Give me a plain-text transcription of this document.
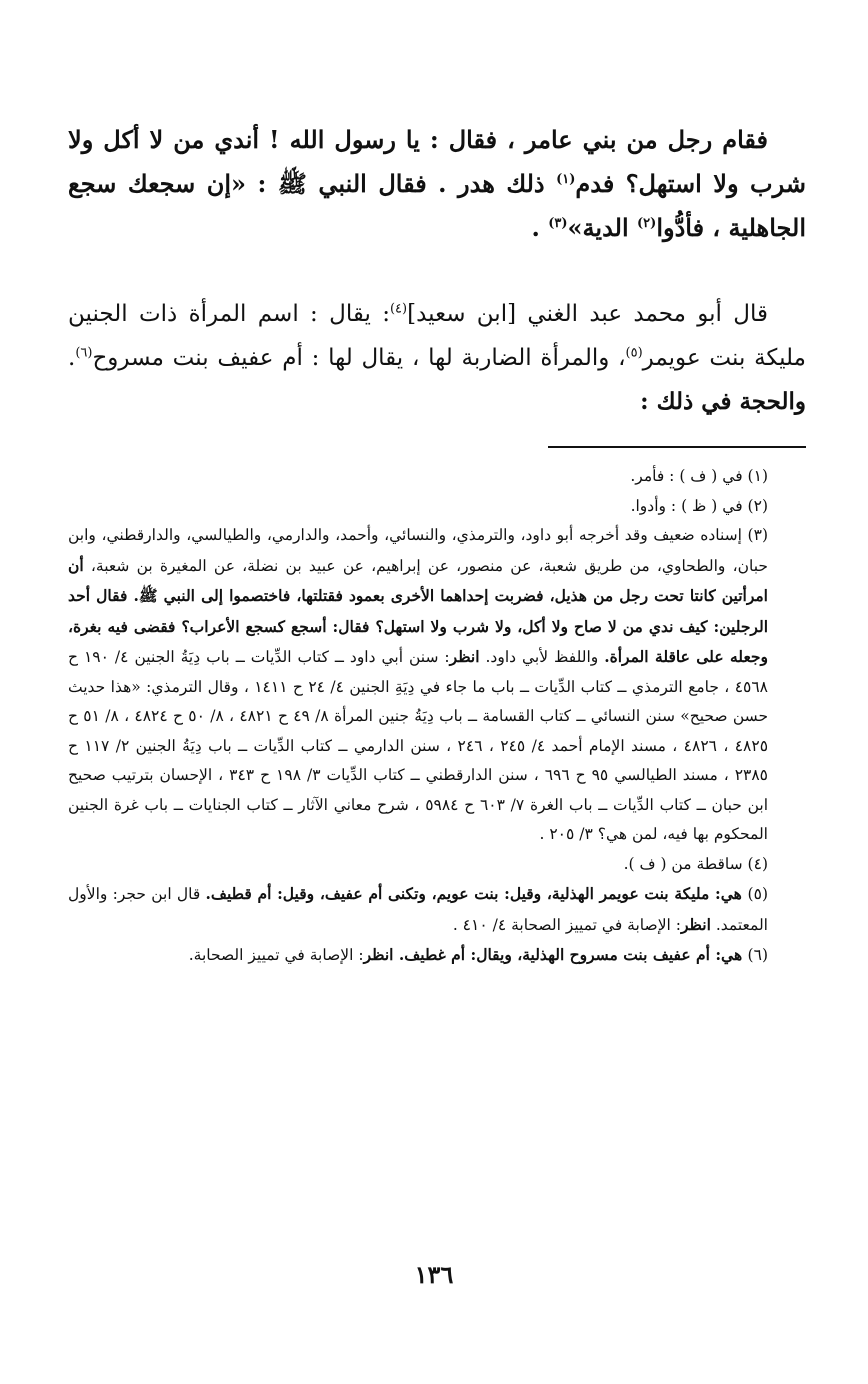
فقام رجل من بني عامر ، فقال : يا رسول الله ! أندي من لا أكل ولا شرب ولا استهل؟ فدم$^{(١)}$ ذلك هدر . فقال النبي ﷺ : «إن سجعك سجع الجاهلية ، فأدُّوا$^{(٢)}$ الدية»$^{(٣)}$ .

قال أبو محمد عبد الغني [ابن سعيد]$^{(٤)}$: يقال : اسم المرأة ذات الجنين مليكة بنت عويمر$^{(٥)}$، والمرأة الضاربة لها ، يقال لها : أم عفيف بنت مسروح$^{(٦)}$. والحجة في ذلك :

(١) في ( ف ) : فأمر.

(٢) في ( ظ ) : وأدوا.

(٣) إسناده ضعيف وقد أخرجه أبو داود، والترمذي، والنسائي، وأحمد، والدارمي، والطيالسي، والدارقطني، وابن حبان، والطحاوي، من طريق شعبة، عن منصور، عن إبراهيم، عن عبيد بن نضلة، عن المغيرة بن شعبة، أن امرأتين كانتا تحت رجل من هذيل، فضربت إحداهما الأخرى بعمود فقتلتها، فاختصموا إلى النبي ﷺ. فقال أحد الرجلين: كيف ندي من لا صاح ولا أكل، ولا شرب ولا استهل؟ فقال: أسجع كسجع الأعراب؟ فقضى فيه بغرة، وجعله على عاقلة المرأة. واللفظ لأبي داود. انظر: سنن أبي داود ــ كتاب الدِّيات ــ باب دِيَةُ الجنين ٤/ ١٩٠ ح ٤٥٦٨ ، جامع الترمذي ــ كتاب الدِّيات ــ باب ما جاء في دِيَةِ الجنين ٤/ ٢٤ ح ١٤١١ ، وقال الترمذي: «هذا حديث حسن صحيح» سنن النسائي ــ كتاب القسامة ــ باب دِيَةُ جنين المرأة ٨/ ٤٩ ح ٤٨٢١ ، ٨/ ٥٠ ح ٤٨٢٤ ، ٨/ ٥١ ح ٤٨٢٥ ، ٤٨٢٦ ، مسند الإمام أحمد ٤/ ٢٤٥ ، ٢٤٦ ، سنن الدارمي ــ كتاب الدِّيات ــ باب دِيَةُ الجنين ٢/ ١١٧ ح ٢٣٨٥ ، مسند الطيالسي ٩٥ ح ٦٩٦ ، سنن الدارقطني ــ كتاب الدِّيات ٣/ ١٩٨ ح ٣٤٣ ، الإحسان بترتيب صحيح ابن حبان ــ كتاب الدِّيات ــ باب الغرة ٧/ ٦٠٣ ح ٥٩٨٤ ، شرح معاني الآثار ــ كتاب الجنايات ــ باب غرة الجنين المحكوم بها فيه، لمن هي؟ ٣/ ٢٠٥ .

(٤) ساقطة من ( ف ).

(٥) هي: مليكة بنت عويمر الهذلية، وقيل: بنت عويم، وتكنى أم عفيف، وقيل: أم قطيف. قال ابن حجر: والأول المعتمد. انظر: الإصابة في تمييز الصحابة ٤/ ٤١٠ .

(٦) هي: أم عفيف بنت مسروح الهذلية، ويقال: أم غطيف. انظر: الإصابة في تمييز الصحابة.

١٣٦
